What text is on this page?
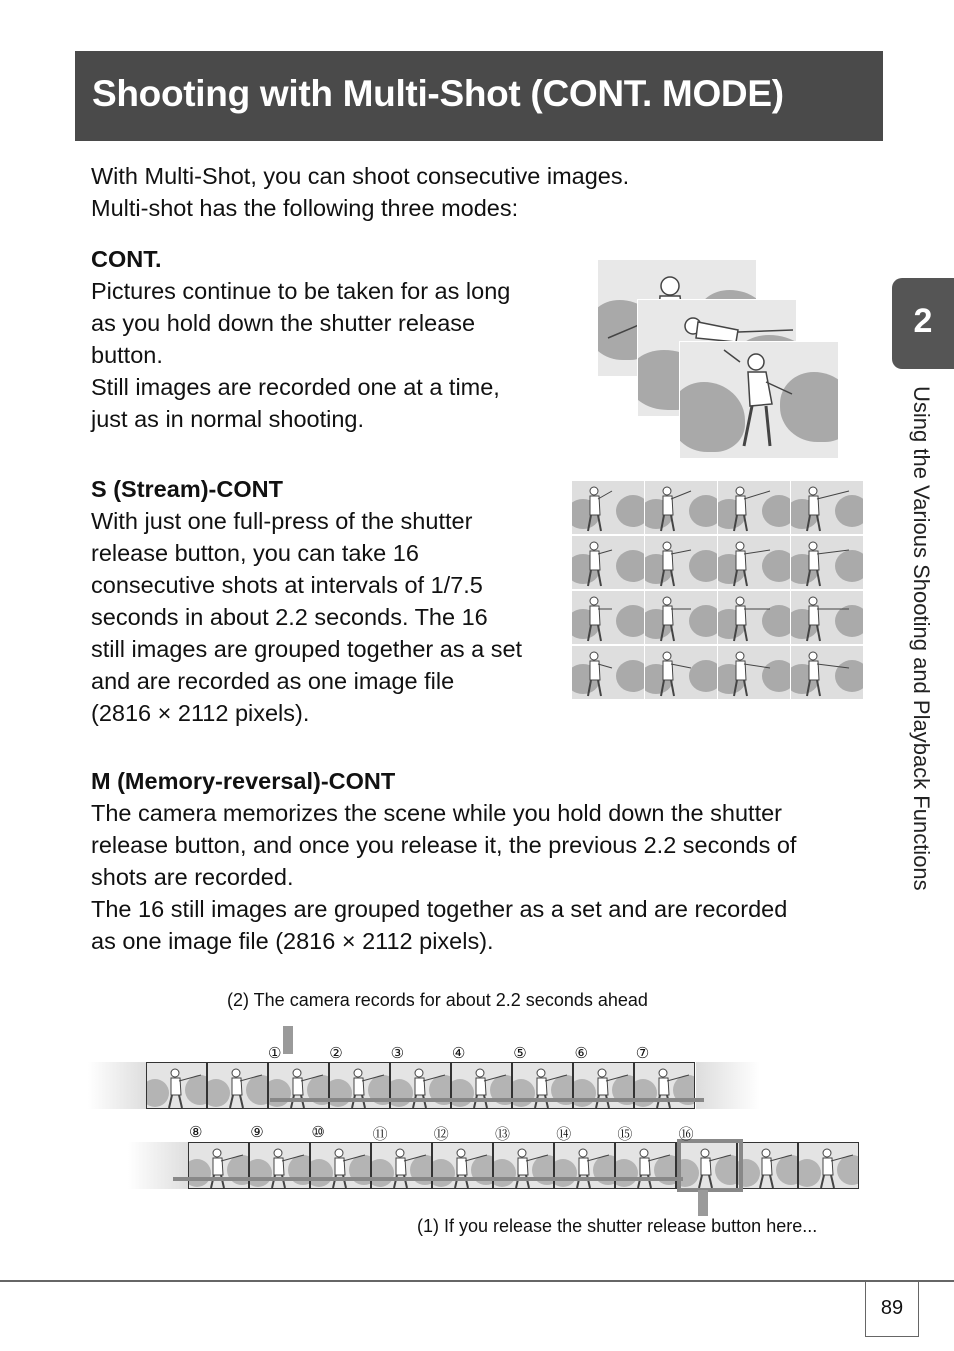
Shooting with Multi-Shot (CONT. MODE)
With Multi-Shot, you can shoot consecutive images.
Multi-shot has the following three modes:
CONT.
Pictures continue to be taken for as long
as you hold down the shutter release
button.
Still images are recorded one at a time,
just as in normal shooting.
S (Stream)-CONT
With just one full-press of the shutter
release button, you can take 16
consecutive shots at intervals of 1/7.5
seconds in about 2.2 seconds. The 16
still images are grouped together as a set
and are recorded as one image file
(2816 × 2112 pixels).
M (Memory-reversal)-CONT
The camera memorizes the scene while you hold down the shutter
release button, and once you release it, the previous 2.2 seconds of
shots are recorded.
The 16 still images are grouped together as a set and are recorded
as one image file (2816 × 2112 pixels).
(2) The camera records for about 2.2 seconds ahead
(1) If you release the shutter release button here...
①	②	③	④	⑤	⑥	⑦
⑧	⑨	⑩	⑪	⑫	⑬	⑭	⑮	⑯
2
Using the Various Shooting and Playback Functions
89
